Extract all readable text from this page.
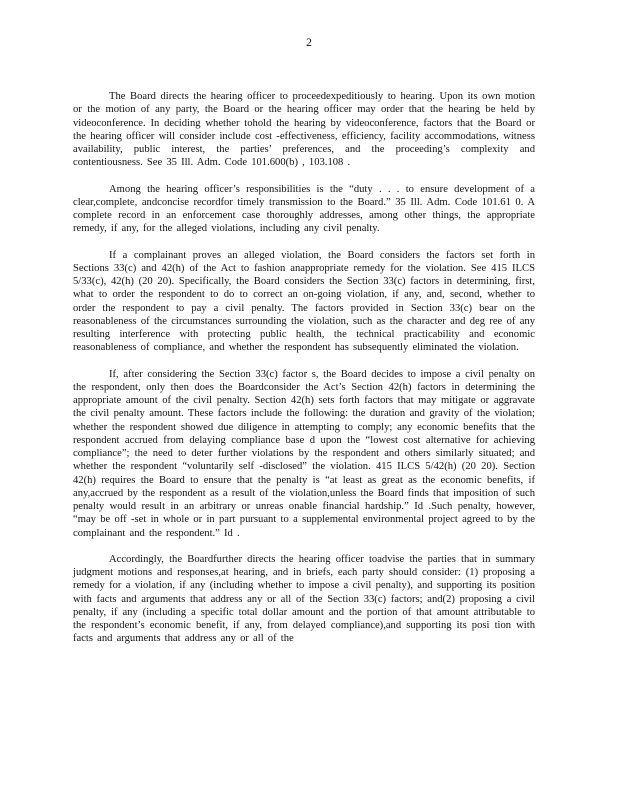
2

The Board directs the hearing officer to proceedexpeditiously to hearing. Upon its own motion or the motion of any party, the Board or the hearing officer may order that the hearing be held by videoconference. In deciding whether tohold the hearing by videoconference, factors that the Board or the hearing officer will consider include cost -effectiveness, efficiency, facility accommodations, witness availability, public interest, the parties’ preferences, and the proceeding’s complexity and contentiousness. See 35 Ill. Adm. Code 101.600(b) , 103.108 .

Among the hearing officer’s responsibilities is the “duty . . . to ensure development of a clear,complete, andconcise recordfor timely transmission to the Board.” 35 Ill. Adm. Code 101.61 0. A complete record in an enforcement case thoroughly addresses, among other things, the appropriate remedy, if any, for the alleged violations, including any civil penalty.

If a complainant proves an alleged violation, the Board considers the factors set forth in Sections 33(c) and 42(h) of the Act to fashion anappropriate remedy for the violation. See 415 ILCS 5/33(c), 42(h) (20 20). Specifically, the Board considers the Section 33(c) factors in determining, first, what to order the respondent to do to correct an on-going violation, if any, and, second, whether to order the respondent to pay a civil penalty. The factors provided in Section 33(c) bear on the reasonableness of the circumstances surrounding the violation, such as the character and deg ree of any resulting interference with protecting public health, the technical practicability and economic reasonableness of compliance, and whether the respondent has subsequently eliminated the violation.

If, after considering the Section 33(c) factor s, the Board decides to impose a civil penalty on the respondent, only then does the Boardconsider the Act’s Section 42(h) factors in determining the appropriate amount of the civil penalty. Section 42(h) sets forth factors that may mitigate or aggravate the civil penalty amount. These factors include the following: the duration and gravity of the violation; whether the respondent showed due diligence in attempting to comply; any economic benefits that the respondent accrued from delaying compliance base d upon the “lowest cost alternative for achieving compliance”; the need to deter further violations by the respondent and others similarly situated; and whether the respondent “voluntarily self -disclosed” the violation. 415 ILCS 5/42(h) (20 20). Section 42(h) requires the Board to ensure that the penalty is “at least as great as the economic benefits, if any,accrued by the respondent as a result of the violation,unless the Board finds that imposition of such penalty would result in an arbitrary or unreas onable financial hardship.” Id .Such penalty, however, “may be off -set in whole or in part pursuant to a supplemental environmental project agreed to by the complainant and the respondent.” Id .

Accordingly, the Boardfurther directs the hearing officer toadvise the parties that in summary judgment motions and responses,at hearing, and in briefs, each party should consider: (1) proposing a remedy for a violation, if any (including whether to impose a civil penalty), and supporting its position with facts and arguments that address any or all of the Section 33(c) factors; and(2) proposing a civil penalty, if any (including a specific total dollar amount and the portion of that amount attributable to the respondent’s economic benefit, if any, from delayed compliance),and supporting its posi tion with facts and arguments that address any or all of the
